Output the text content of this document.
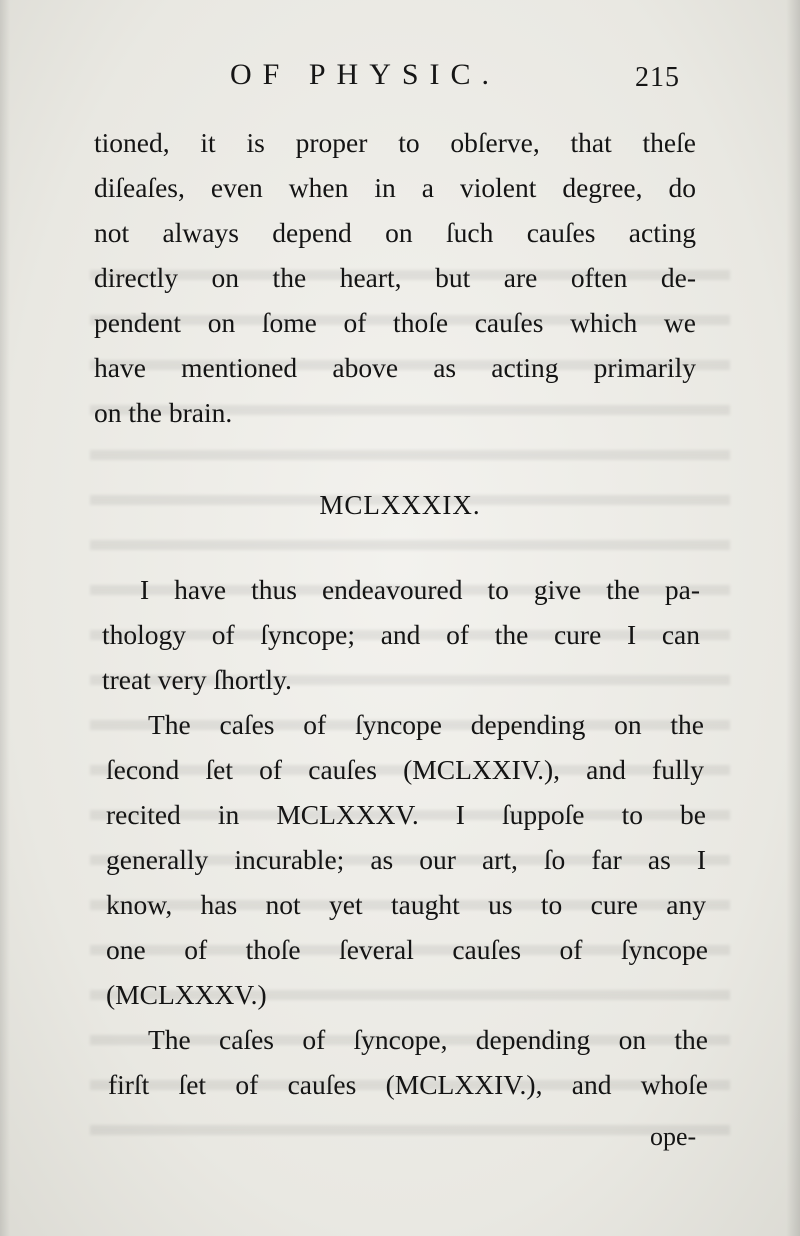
OF PHYSIC.	215
tioned, it is proper to obſerve, that theſe
diſeaſes, even when in a violent degree, do
not always depend on ſuch cauſes acting
directly on the heart, but are often de-
pendent on ſome of thoſe cauſes which we
have mentioned above as acting primarily
on the brain.
MCLXXXIX.
I have thus endeavoured to give the pa-
thology of ſyncope; and of the cure I can
treat very ſhortly.
The caſes of ſyncope depending on the
ſecond ſet of cauſes (MCLXXIV.), and fully
recited in MCLXXXV. I ſuppoſe to be
generally incurable; as our art, ſo far as I
know, has not yet taught us to cure any
one of thoſe ſeveral cauſes of ſyncope
(MCLXXXV.)
The caſes of ſyncope, depending on the
firſt ſet of cauſes (MCLXXIV.), and whoſe
ope-
